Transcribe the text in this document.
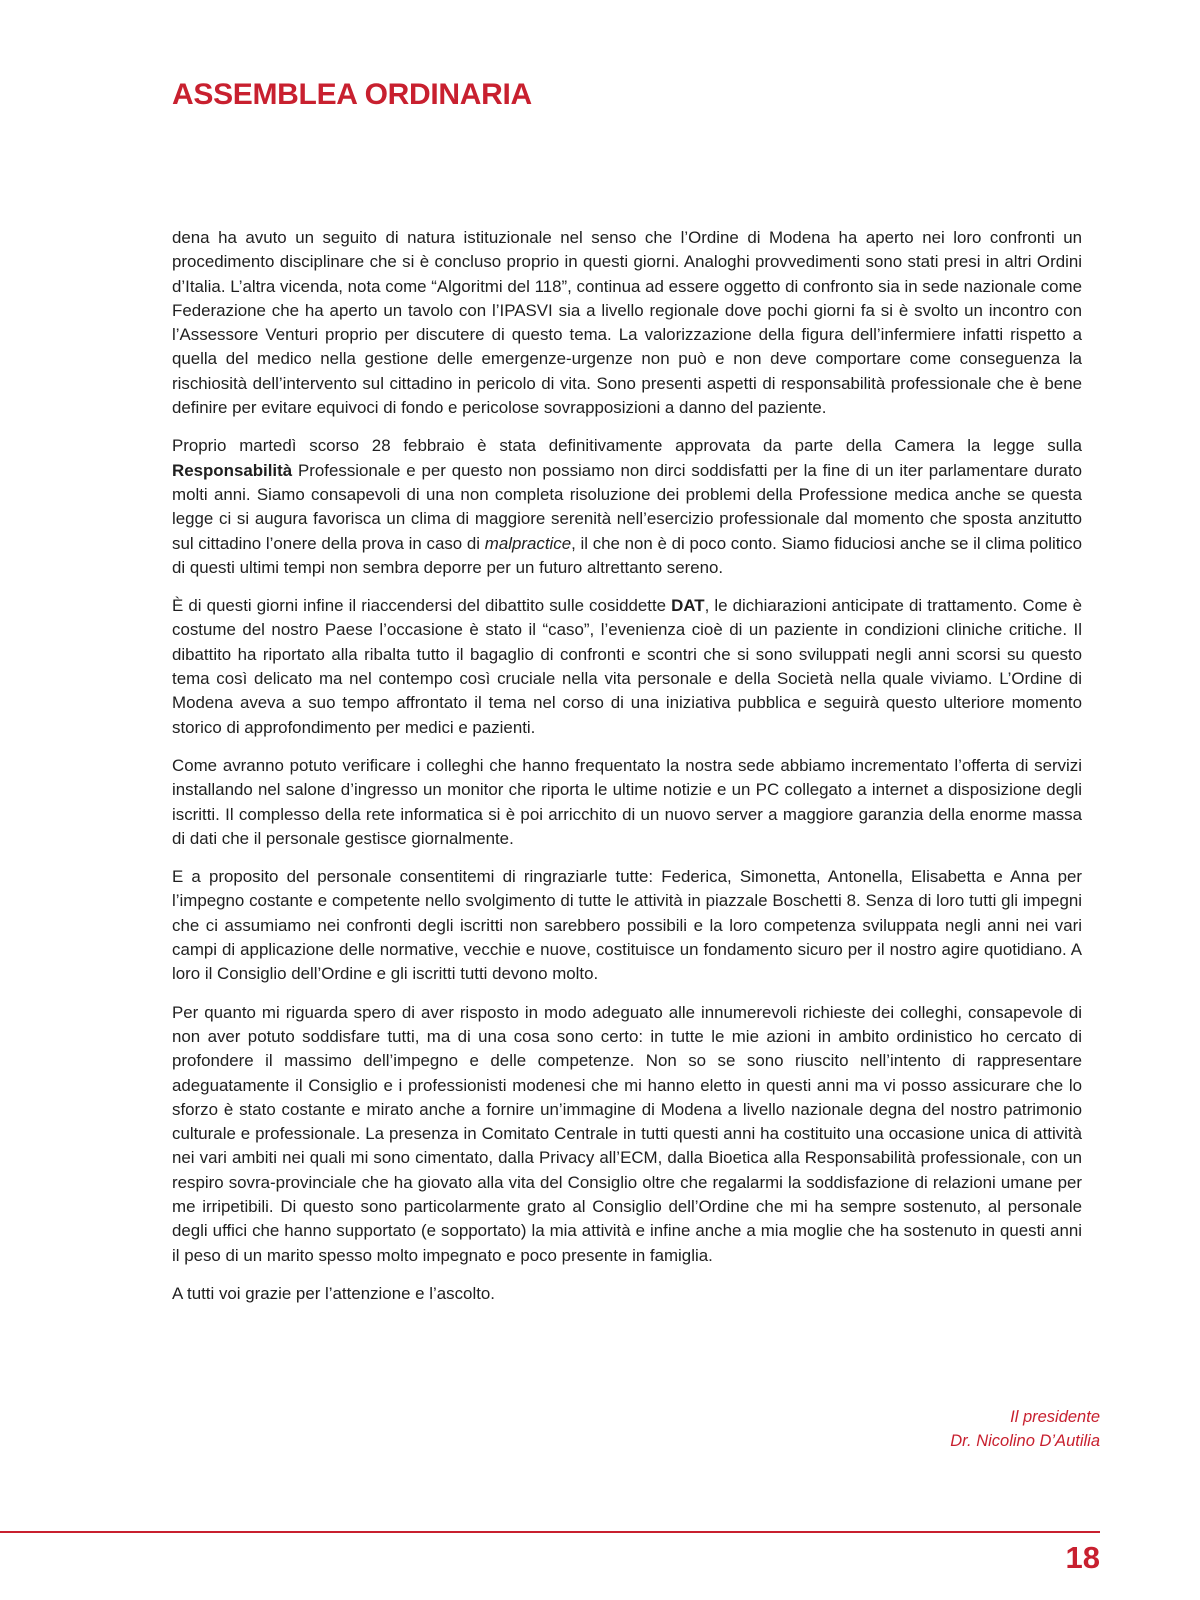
ASSEMBLEA ORDINARIA

dena ha avuto un seguito di natura istituzionale nel senso che l’Ordine di Modena ha aperto nei loro confronti un procedimento disciplinare che si è concluso proprio in questi giorni. Analoghi provvedimenti sono stati presi in altri Ordini d’Italia. L’altra vicenda, nota come “Algoritmi del 118”, continua ad essere oggetto di confronto sia in sede nazionale come Federazione che ha aperto un tavolo con l’IPASVI sia a livello regionale dove pochi giorni fa si è svolto un incontro con l’Assessore Venturi proprio per discutere di questo tema. La valorizzazione della figura dell’infermiere infatti rispetto a quella del medico nella gestione delle emergenze-urgenze non può e non deve comportare come conseguenza la rischiosità dell’intervento sul cittadino in pericolo di vita. Sono presenti aspetti di responsabilità professionale che è bene definire per evitare equivoci di fondo e pericolose sovrapposizioni a danno del paziente.

Proprio martedì scorso 28 febbraio è stata definitivamente approvata da parte della Camera la legge sulla Responsabilità Professionale e per questo non possiamo non dirci soddisfatti per la fine di un iter parlamentare durato molti anni. Siamo consapevoli di una non completa risoluzione dei problemi della Professione medica anche se questa legge ci si augura favorisca un clima di maggiore serenità nell’esercizio professionale dal momento che sposta anzitutto sul cittadino l’onere della prova in caso di malpractice, il che non è di poco conto. Siamo fiduciosi anche se il clima politico di questi ultimi tempi non sembra deporre per un futuro altrettanto sereno.

È di questi giorni infine il riaccendersi del dibattito sulle cosiddette DAT, le dichiarazioni anticipate di trattamento. Come è costume del nostro Paese l’occasione è stato il “caso”, l’evenienza cioè di un paziente in condizioni cliniche critiche. Il dibattito ha riportato alla ribalta tutto il bagaglio di confronti e scontri che si sono sviluppati negli anni scorsi su questo tema così delicato ma nel contempo così cruciale nella vita personale e della Società nella quale viviamo. L’Ordine di Modena aveva a suo tempo affrontato il tema nel corso di una iniziativa pubblica e seguirà questo ulteriore momento storico di approfondimento per medici e pazienti.

Come avranno potuto verificare i colleghi che hanno frequentato la nostra sede abbiamo incrementato l’offerta di servizi installando nel salone d’ingresso un monitor che riporta le ultime notizie e un PC collegato a internet a disposizione degli iscritti. Il complesso della rete informatica si è poi arricchito di un nuovo server a maggiore garanzia della enorme massa di dati che il personale gestisce giornalmente.

E a proposito del personale consentitemi di ringraziarle tutte: Federica, Simonetta, Antonella, Elisabetta e Anna per l’impegno costante e competente nello svolgimento di tutte le attività in piazzale Boschetti 8. Senza di loro tutti gli impegni che ci assumiamo nei confronti degli iscritti non sarebbero possibili e la loro competenza sviluppata negli anni nei vari campi di applicazione delle normative, vecchie e nuove, costituisce un fondamento sicuro per il nostro agire quotidiano. A loro il Consiglio dell’Ordine e gli iscritti tutti devono molto.

Per quanto mi riguarda spero di aver risposto in modo adeguato alle innumerevoli richieste dei colleghi, consapevole di non aver potuto soddisfare tutti, ma di una cosa sono certo: in tutte le mie azioni in ambito ordinistico ho cercato di profondere il massimo dell’impegno e delle competenze. Non so se sono riuscito nell’intento di rappresentare adeguatamente il Consiglio e i professionisti modenesi che mi hanno eletto in questi anni ma vi posso assicurare che lo sforzo è stato costante e mirato anche a fornire un’immagine di Modena a livello nazionale degna del nostro patrimonio culturale e professionale. La presenza in Comitato Centrale in tutti questi anni ha costituito una occasione unica di attività nei vari ambiti nei quali mi sono cimentato, dalla Privacy all’ECM, dalla Bioetica alla Responsabilità professionale, con un respiro sovra-provinciale che ha giovato alla vita del Consiglio oltre che regalarmi la soddisfazione di relazioni umane per me irripetibili. Di questo sono particolarmente grato al Consiglio dell’Ordine che mi ha sempre sostenuto, al personale degli uffici che hanno supportato (e sopportato) la mia attività e infine anche a mia moglie che ha sostenuto in questi anni il peso di un marito spesso molto impegnato e poco presente in famiglia.

A tutti voi grazie per l’attenzione e l’ascolto.

Il presidente
Dr. Nicolino D’Autilia
18
